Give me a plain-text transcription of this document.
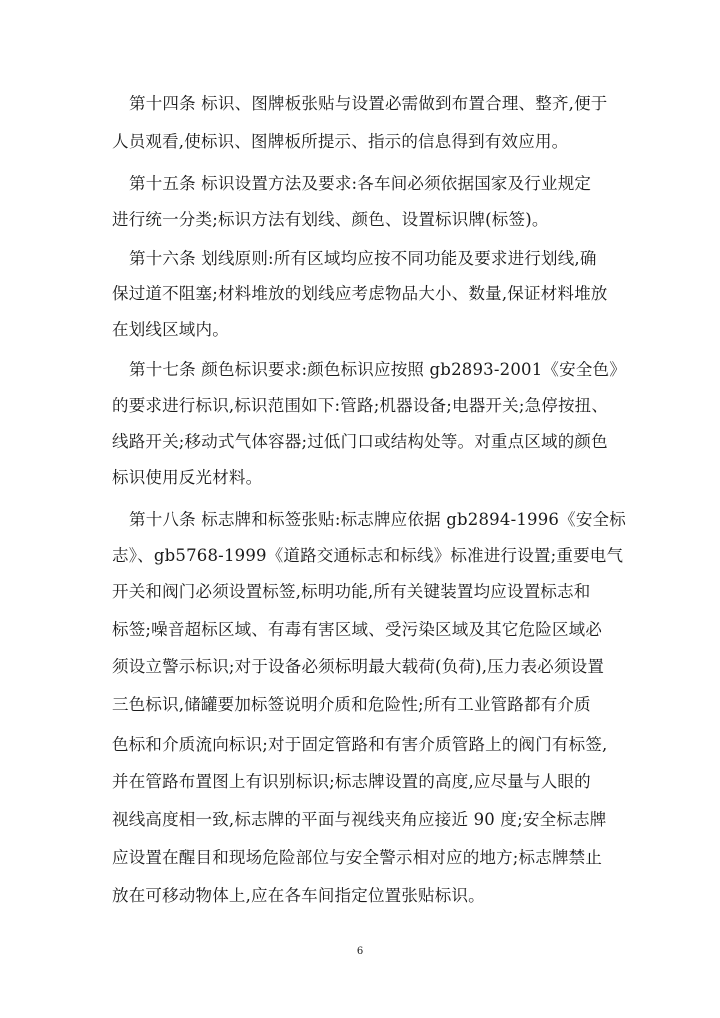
第十四条 标识、图牌板张贴与设置必需做到布置合理、整齐,便于
人员观看,使标识、图牌板所提示、指示的信息得到有效应用。
第十五条 标识设置方法及要求:各车间必须依据国家及行业规定
进行统一分类;标识方法有划线、颜色、设置标识牌(标签)。
第十六条 划线原则:所有区域均应按不同功能及要求进行划线,确
保过道不阻塞;材料堆放的划线应考虑物品大小、数量,保证材料堆放
在划线区域内。
第十七条 颜色标识要求:颜色标识应按照 gb2893-2001《安全色》
的要求进行标识,标识范围如下:管路;机器设备;电器开关;急停按扭、
线路开关;移动式气体容器;过低门口或结构处等。对重点区域的颜色
标识使用反光材料。
第十八条 标志牌和标签张贴:标志牌应依据 gb2894-1996《安全标
志》、gb5768-1999《道路交通标志和标线》标准进行设置;重要电气
开关和阀门必须设置标签,标明功能,所有关键装置均应设置标志和
标签;噪音超标区域、有毒有害区域、受污染区域及其它危险区域必
须设立警示标识;对于设备必须标明最大载荷(负荷),压力表必须设置
三色标识,储罐要加标签说明介质和危险性;所有工业管路都有介质
色标和介质流向标识;对于固定管路和有害介质管路上的阀门有标签,
并在管路布置图上有识别标识;标志牌设置的高度,应尽量与人眼的
视线高度相一致,标志牌的平面与视线夹角应接近 90 度;安全标志牌
应设置在醒目和现场危险部位与安全警示相对应的地方;标志牌禁止
放在可移动物体上,应在各车间指定位置张贴标识。
6
